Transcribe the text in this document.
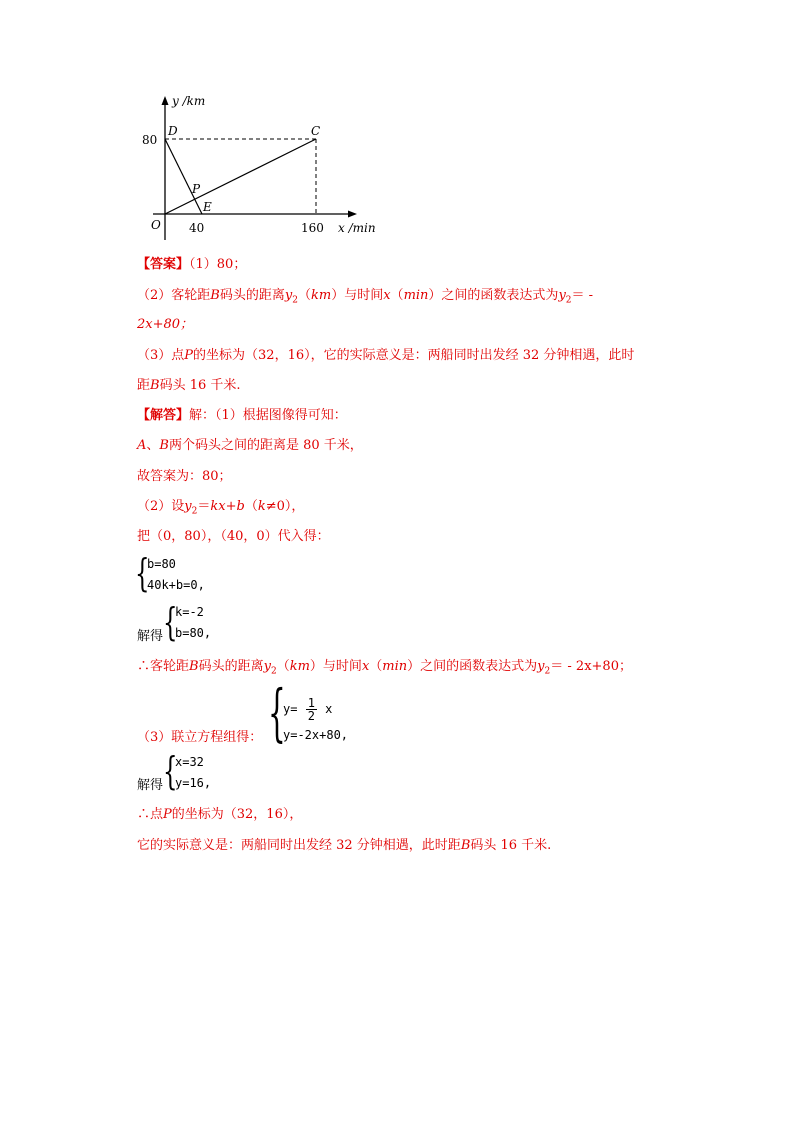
y /km
x /min
80
40	160
O
D	C
P
E
【答案】（1）80；
（2）客轮距B码头的距离$y_2(km)$与时间x（min）之间的函数表达式为$y_2=$ -
2x+80；
（3）点P的坐标为（32，16），它的实际意义是：两船同时出发经 32 分钟相遇，此时
距B码头 16 千米.
【解答】解：（1）根据图像得可知：
A、B两个码头之间的距离是 80 千米，
故答案为：80；
（2）设$y_2=kx+b(k\ne 0)$，
把（0，80），（40，0）代入得：
{
b=80
40k+b=0,
解得 {
k=-2
b=80,
∴客轮距B码头的距离$y_2(km)$与时间x（min）之间的函数表达式为$y_2= - 2x+80$；
（3）联立方程组得： {
$y= \frac{1}{2}$ x
y=-2x+80,
解得 {
x=32
y=16,
∴点P的坐标为（32，16），
它的实际意义是：两船同时出发经 32 分钟相遇，此时距B码头 16 千米.
